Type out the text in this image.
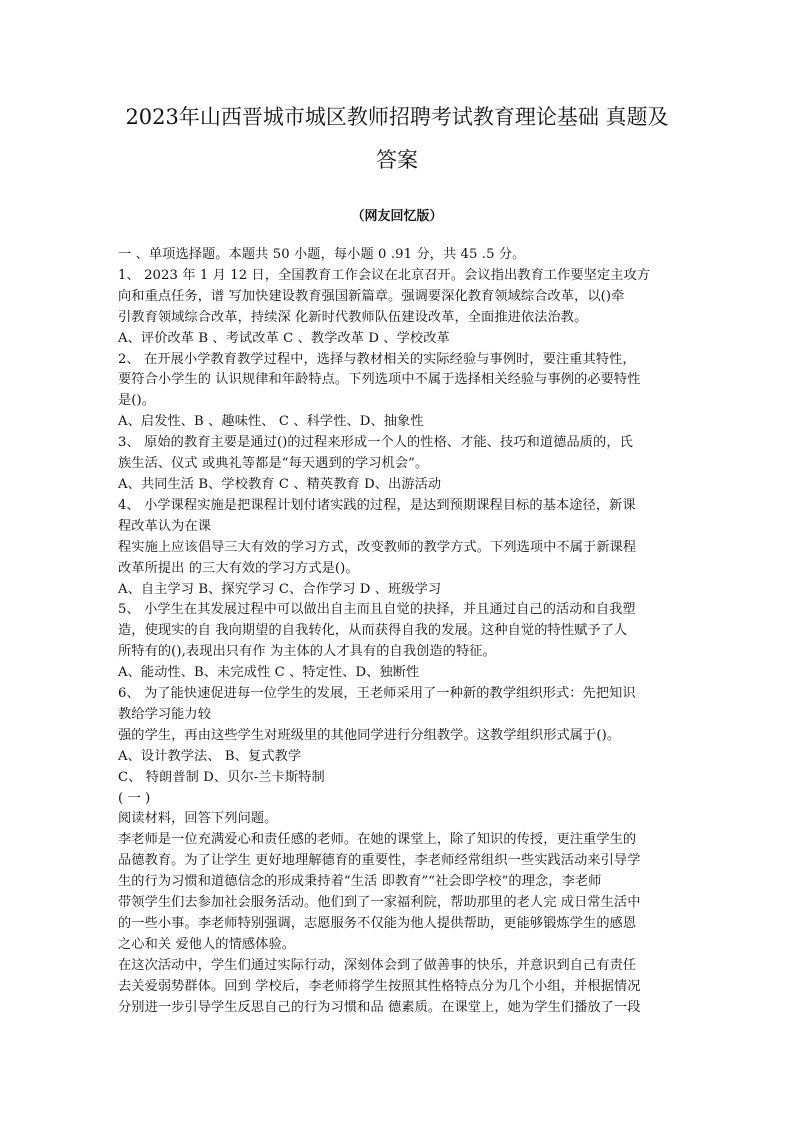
2023年山西晋城市城区教师招聘考试教育理论基础 真题及
答案
（网友回忆版）

一 、单项选择题。本题共 50 小题，每小题 0 .91 分，共 45 .5 分。

1、 2023 年 1 月 12 日，全国教育工作会议在北京召开。会议指出教育工作要坚定主攻方

向和重点任务，谱 写加快建设教育强国新篇章。强调要深化教育领域综合改革，以()牵

引教育领域综合改革，持续深 化新时代教师队伍建设改革，全面推进依法治教。

A、评价改革 B 、考试改革 C 、教学改革 D 、学校改革

2、 在开展小学教育教学过程中，选择与教材相关的实际经验与事例时，要注重其特性，

要符合小学生的 认识规律和年龄特点。下列选项中不属于选择相关经验与事例的必要特性

是()。

A、启发性、B 、趣味性、 C 、科学性、D、抽象性

3、 原始的教育主要是通过()的过程来形成一个人的性格、才能、技巧和道德品质的，氏

族生活、仪式 或典礼等都是“每天遇到的学习机会”。

A、共同生活 B、学校教育 C 、精英教育 D、出游活动

4、 小学课程实施是把课程计划付诸实践的过程，是达到预期课程目标的基本途径，新课

程改革认为在课

程实施上应该倡导三大有效的学习方式，改变教师的教学方式。下列选项中不属于新课程

改革所提出 的三大有效的学习方式是()。

A、自主学习 B、探究学习 C、合作学习 D 、班级学习

5、 小学生在其发展过程中可以做出自主而且自觉的抉择，并且通过自己的活动和自我塑

造，使现实的自 我向期望的自我转化，从而获得自我的发展。这种自觉的特性赋予了人

所特有的(),表现出只有作 为主体的人才具有的自我创造的特征。

A、能动性、B、未完成性 C 、特定性、D、独断性

6、 为了能快速促进每一位学生的发展，王老师采用了一种新的教学组织形式：先把知识

教给学习能力较

强的学生，再由这些学生对班级里的其他同学进行分组教学。这教学组织形式属于()。

A、设计教学法、 B、复式教学

C、 特朗普制 D、贝尔-兰卡斯特制

( 一 )

阅读材料，回答下列问题。

李老师是一位充满爱心和责任感的老师。在她的课堂上，除了知识的传授，更注重学生的

品德教育。为了让学生 更好地理解德育的重要性，李老师经常组织一些实践活动来引导学

生的行为习惯和道德信念的形成秉持着“生活 即教育”“社会即学校”的理念，李老师

带领学生们去参加社会服务活动。他们到了一家福利院，帮助那里的老人完 成日常生活中

的一些小事。李老师特别强调，志愿服务不仅能为他人提供帮助，更能够锻炼学生的感恩

之心和关 爱他人的情感体验。

在这次活动中，学生们通过实际行动，深刻体会到了做善事的快乐，并意识到自己有责任

去关爱弱势群体。回到 学校后，李老师将学生按照其性格特点分为几个小组，并根据情况

分别进一步引导学生反思自己的行为习惯和品 德素质。在课堂上，她为学生们播放了一段
